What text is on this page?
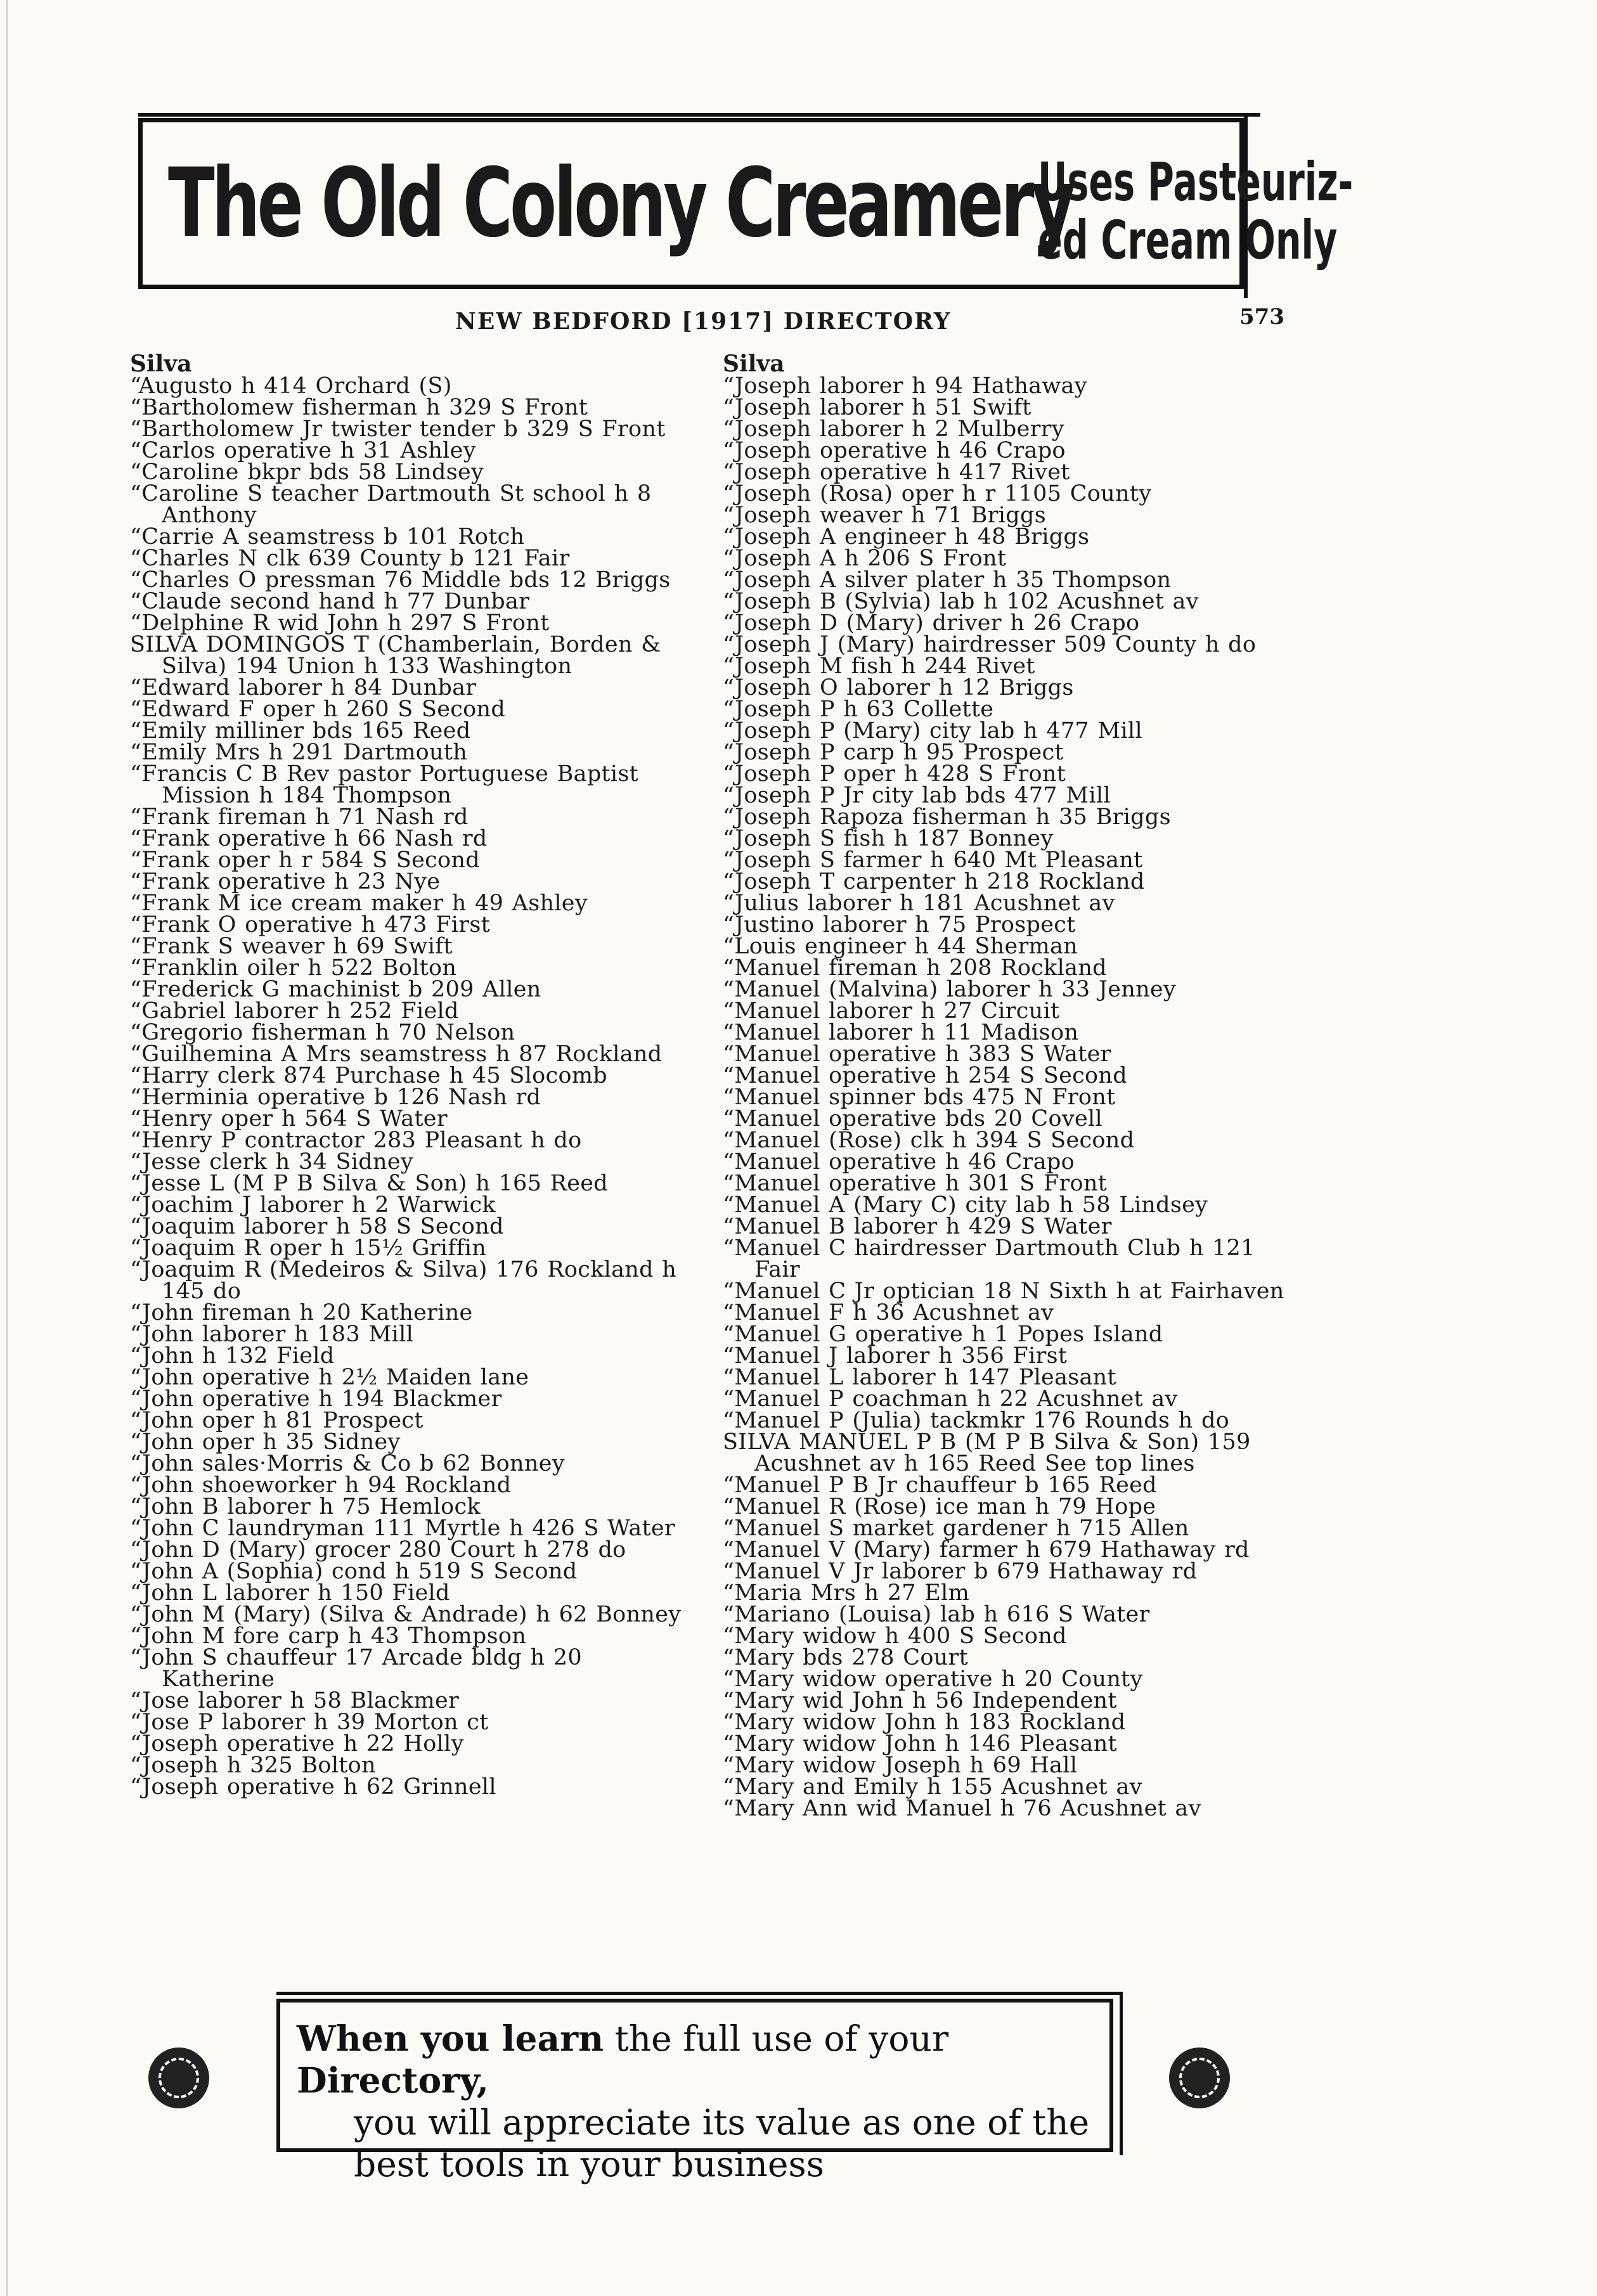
The Old Colony Creamery
Uses Pasteuriz-
ed Cream Only
NEW BEDFORD [1917] DIRECTORY	573
Silva
“Augusto h 414 Orchard (S)
“Bartholomew fisherman h 329 S Front
“Bartholomew Jr twister tender b 329 S Front
“Carlos operative h 31 Ashley
“Caroline bkpr bds 58 Lindsey
“Caroline S teacher Dartmouth St school h 8 Anthony
“Carrie A seamstress b 101 Rotch
“Charles N clk 639 County b 121 Fair
“Charles O pressman 76 Middle bds 12 Briggs
“Claude second hand h 77 Dunbar
“Delphine R wid John h 297 S Front
SILVA DOMINGOS T (Chamberlain, Borden & Silva) 194 Union h 133 Washington
“Edward laborer h 84 Dunbar
“Edward F oper h 260 S Second
“Emily milliner bds 165 Reed
“Emily Mrs h 291 Dartmouth
“Francis C B Rev pastor Portuguese Baptist Mission h 184 Thompson
“Frank fireman h 71 Nash rd
“Frank operative h 66 Nash rd
“Frank oper h r 584 S Second
“Frank operative h 23 Nye
“Frank M ice cream maker h 49 Ashley
“Frank O operative h 473 First
“Frank S weaver h 69 Swift
“Franklin oiler h 522 Bolton
“Frederick G machinist b 209 Allen
“Gabriel laborer h 252 Field
“Gregorio fisherman h 70 Nelson
“Guilhemina A Mrs seamstress h 87 Rockland
“Harry clerk 874 Purchase h 45 Slocomb
“Herminia operative b 126 Nash rd
“Henry oper h 564 S Water
“Henry P contractor 283 Pleasant h do
“Jesse clerk h 34 Sidney
“Jesse L (M P B Silva & Son) h 165 Reed
“Joachim J laborer h 2 Warwick
“Joaquim laborer h 58 S Second
“Joaquim R oper h 15½ Griffin
“Joaquim R (Medeiros & Silva) 176 Rockland h 145 do
“John fireman h 20 Katherine
“John laborer h 183 Mill
“John h 132 Field
“John operative h 2½ Maiden lane
“John operative h 194 Blackmer
“John oper h 81 Prospect
“John oper h 35 Sidney
“John sales·Morris & Co b 62 Bonney
“John shoeworker h 94 Rockland
“John B laborer h 75 Hemlock
“John C laundryman 111 Myrtle h 426 S Water
“John D (Mary) grocer 280 Court h 278 do
“John A (Sophia) cond h 519 S Second
“John L laborer h 150 Field
“John M (Mary) (Silva & Andrade) h 62 Bonney
“John M fore carp h 43 Thompson
“John S chauffeur 17 Arcade bldg h 20 Katherine
“Jose laborer h 58 Blackmer
“Jose P laborer h 39 Morton ct
“Joseph operative h 22 Holly
“Joseph h 325 Bolton
“Joseph operative h 62 Grinnell
Silva
“Joseph laborer h 94 Hathaway
“Joseph laborer h 51 Swift
“Joseph laborer h 2 Mulberry
“Joseph operative h 46 Crapo
“Joseph operative h 417 Rivet
“Joseph (Rosa) oper h r 1105 County
“Joseph weaver h 71 Briggs
“Joseph A engineer h 48 Briggs
“Joseph A h 206 S Front
“Joseph A silver plater h 35 Thompson
“Joseph B (Sylvia) lab h 102 Acushnet av
“Joseph D (Mary) driver h 26 Crapo
“Joseph J (Mary) hairdresser 509 County h do
“Joseph M fish h 244 Rivet
“Joseph O laborer h 12 Briggs
“Joseph P h 63 Collette
“Joseph P (Mary) city lab h 477 Mill
“Joseph P carp h 95 Prospect
“Joseph P oper h 428 S Front
“Joseph P Jr city lab bds 477 Mill
“Joseph Rapoza fisherman h 35 Briggs
“Joseph S fish h 187 Bonney
“Joseph S farmer h 640 Mt Pleasant
“Joseph T carpenter h 218 Rockland
“Julius laborer h 181 Acushnet av
“Justino laborer h 75 Prospect
“Louis engineer h 44 Sherman
“Manuel fireman h 208 Rockland
“Manuel (Malvina) laborer h 33 Jenney
“Manuel laborer h 27 Circuit
“Manuel laborer h 11 Madison
“Manuel operative h 383 S Water
“Manuel operative h 254 S Second
“Manuel spinner bds 475 N Front
“Manuel operative bds 20 Covell
“Manuel (Rose) clk h 394 S Second
“Manuel operative h 46 Crapo
“Manuel operative h 301 S Front
“Manuel A (Mary C) city lab h 58 Lindsey
“Manuel B laborer h 429 S Water
“Manuel C hairdresser Dartmouth Club h 121 Fair
“Manuel C Jr optician 18 N Sixth h at Fairhaven
“Manuel F h 36 Acushnet av
“Manuel G operative h 1 Popes Island
“Manuel J laborer h 356 First
“Manuel L laborer h 147 Pleasant
“Manuel P coachman h 22 Acushnet av
“Manuel P (Julia) tackmkr 176 Rounds h do
SILVA MANUEL P B (M P B Silva & Son) 159 Acushnet av h 165 Reed See top lines
“Manuel P B Jr chauffeur b 165 Reed
“Manuel R (Rose) ice man h 79 Hope
“Manuel S market gardener h 715 Allen
“Manuel V (Mary) farmer h 679 Hathaway rd
“Manuel V Jr laborer b 679 Hathaway rd
“Maria Mrs h 27 Elm
“Mariano (Louisa) lab h 616 S Water
“Mary widow h 400 S Second
“Mary bds 278 Court
“Mary widow operative h 20 County
“Mary wid John h 56 Independent
“Mary widow John h 183 Rockland
“Mary widow John h 146 Pleasant
“Mary widow Joseph h 69 Hall
“Mary and Emily h 155 Acushnet av
“Mary Ann wid Manuel h 76 Acushnet av
When you learn the full use of your Directory,
you will appreciate its value as one of the
best tools in your business
